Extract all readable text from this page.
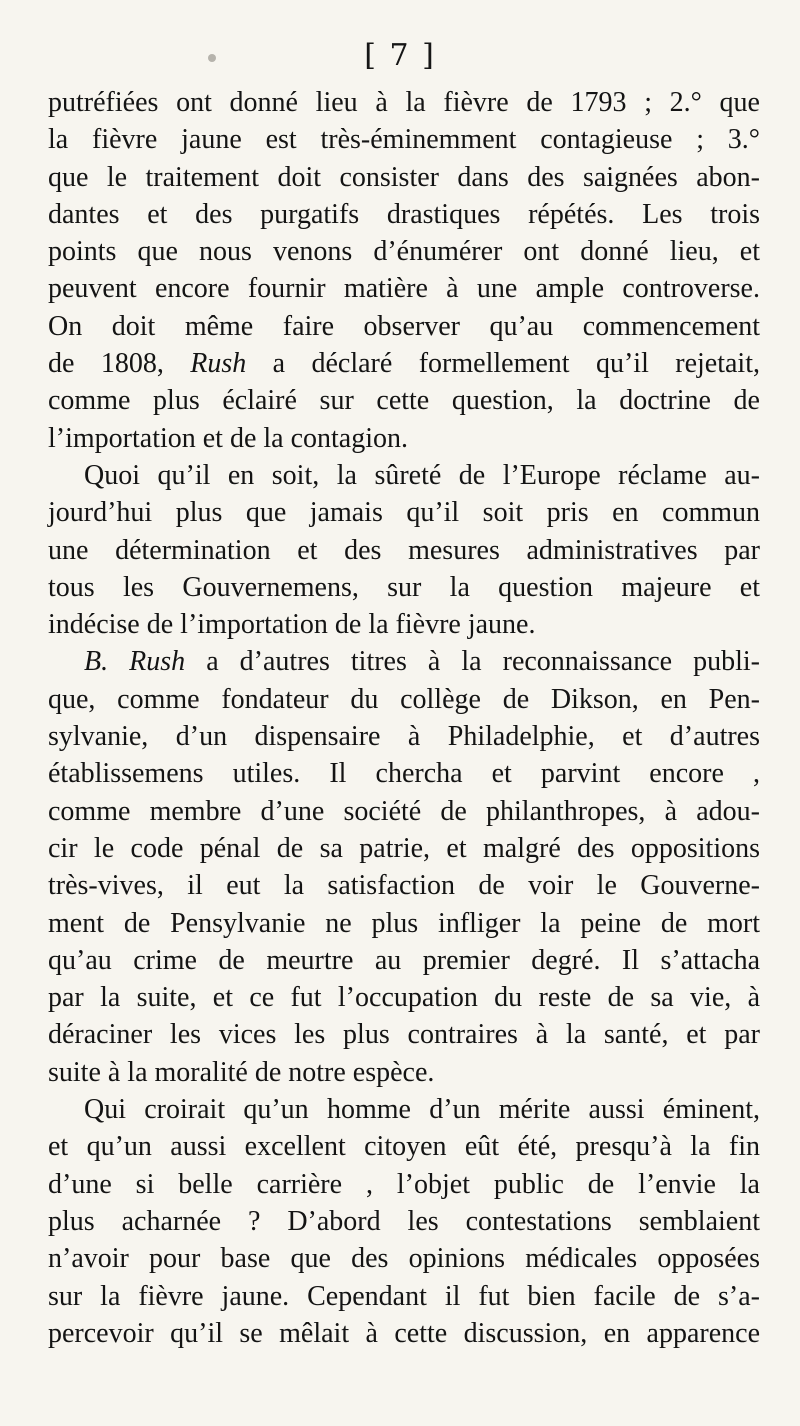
[ 7 ]
putréfiées ont donné lieu à la fièvre de 1793 ; 2.° que
la fièvre jaune est très-éminemment contagieuse ; 3.°
que le traitement doit consister dans des saignées abon-
dantes et des purgatifs drastiques répétés. Les trois
points que nous venons d’énumérer ont donné lieu, et
peuvent encore fournir matière à une ample controverse.
On doit même faire observer qu’au commencement
de 1808, Rush a déclaré formellement qu’il rejetait,
comme plus éclairé sur cette question, la doctrine de
l’importation et de la contagion.
Quoi qu’il en soit, la sûreté de l’Europe réclame au-
jourd’hui plus que jamais qu’il soit pris en commun
une détermination et des mesures administratives par
tous les Gouvernemens, sur la question majeure et
indécise de l’importation de la fièvre jaune.
B. Rush a d’autres titres à la reconnaissance publi-
que, comme fondateur du collège de Dikson, en Pen-
sylvanie, d’un dispensaire à Philadelphie, et d’autres
établissemens utiles. Il chercha et parvint encore ,
comme membre d’une société de philanthropes, à adou-
cir le code pénal de sa patrie, et malgré des oppositions
très-vives, il eut la satisfaction de voir le Gouverne-
ment de Pensylvanie ne plus infliger la peine de mort
qu’au crime de meurtre au premier degré. Il s’attacha
par la suite, et ce fut l’occupation du reste de sa vie, à
déraciner les vices les plus contraires à la santé, et par
suite à la moralité de notre espèce.
Qui croirait qu’un homme d’un mérite aussi éminent,
et qu’un aussi excellent citoyen eût été, presqu’à la fin
d’une si belle carrière , l’objet public de l’envie la
plus acharnée ? D’abord les contestations semblaient
n’avoir pour base que des opinions médicales opposées
sur la fièvre jaune. Cependant il fut bien facile de s’a-
percevoir qu’il se mêlait à cette discussion, en apparence
